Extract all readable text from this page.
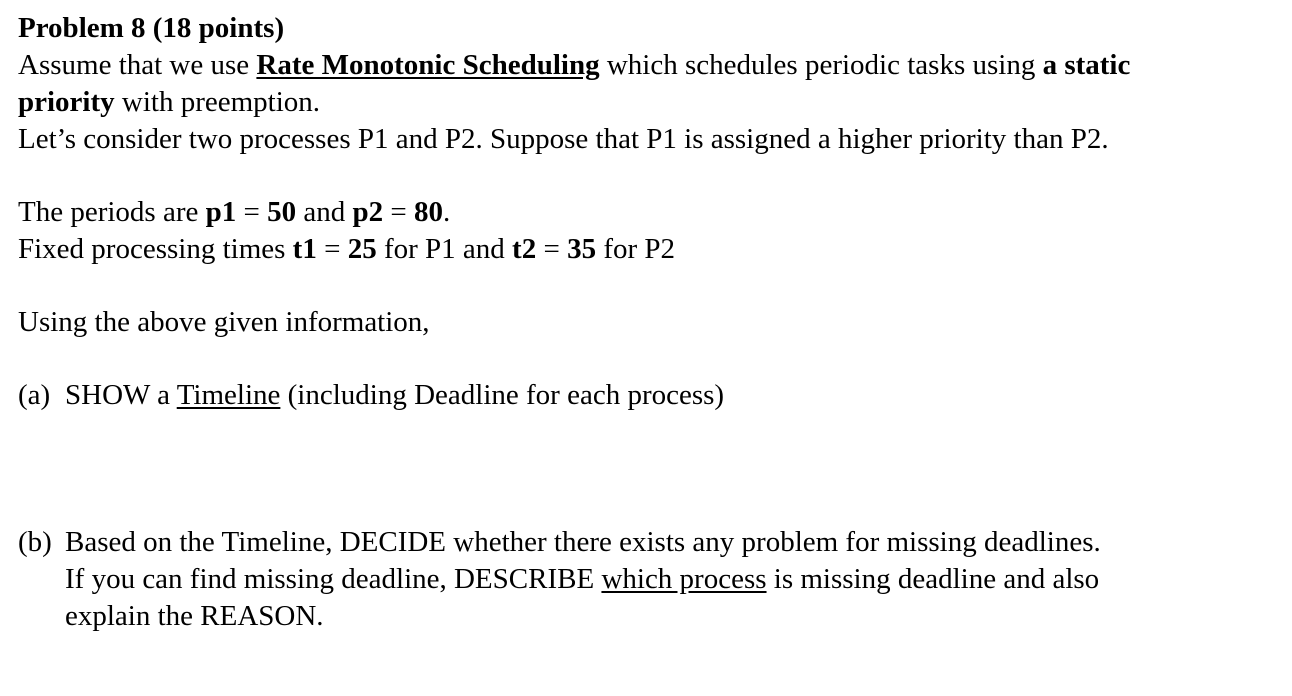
Problem 8 (18 points)
Assume that we use Rate Monotonic Scheduling which schedules periodic tasks using a static
priority with preemption.
Let’s consider two processes P1 and P2. Suppose that P1 is assigned a higher priority than P2.
The periods are p1 = 50 and p2 = 80.
Fixed processing times t1 = 25 for P1 and t2 = 35 for P2
Using the above given information,
(a)SHOW a Timeline (including Deadline for each process)
(b)Based on the Timeline, DECIDE whether there exists any problem for missing deadlines.
If you can find missing deadline, DESCRIBE which process is missing deadline and also
explain the REASON.
